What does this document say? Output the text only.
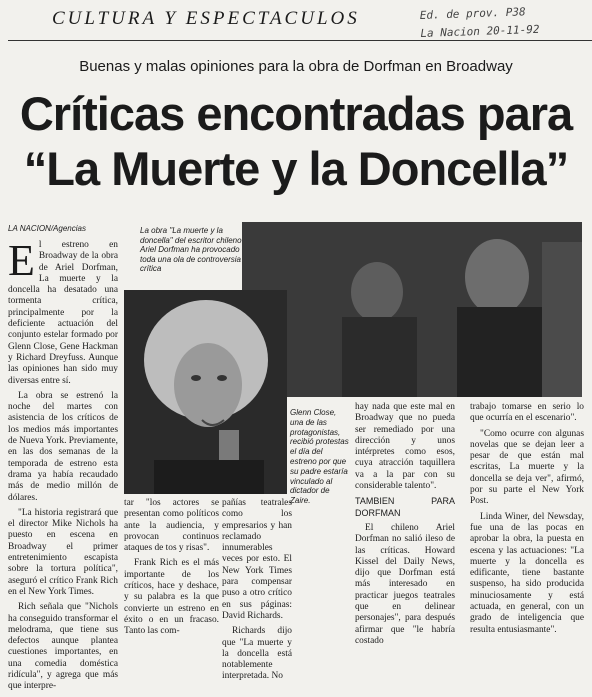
CULTURA Y ESPECTACULOS	Ed. de prov. P38
La Nacion 20-11-92
Buenas y malas opiniones para la obra de Dorfman en Broadway
Críticas encontradas para
“La Muerte y la Doncella”
LA NACION/Agencias
E l estreno en Broadway de la obra de Ariel Dorfman, La muerte y la doncella ha desatado una tormenta crítica, principalmente por la deficiente actuación del conjunto estelar formado por Glenn Close, Gene Hackman y Richard Dreyfuss. Aunque las opiniones han sido muy diversas entre sí.

La obra se estrenó la noche del martes con asistencia de los críticos de los medios más importantes de Nueva York. Previamente, en las dos semanas de la temporada de estreno esta drama ya había recaudado más de medio millón de dólares.

"La historia registrará que el director Mike Nichols ha puesto en escena en Broadway el primer entretenimiento escapista sobre la tortura política", aseguró el crítico Frank Rich en el New York Times.

Rich señala que "Nichols ha conseguido transformar el melodrama, que tiene sus defectos aunque plantea cuestiones importantes, en una comedia doméstica ridícula", y agrega que más que interpre-

La obra "La muerte y la doncella" del escritor chileno Ariel Dorfman ha provocado toda una ola de controversia crítica
Glenn Close, una de las protagonistas, recibió protestas el día del estreno por que su padre estaría vinculado al dictador de Zaire.

tar "los actores se presentan como políticos ante la audiencia, y provocan continuos ataques de tos y risas".

Frank Rich es el más importante de los críticos, hace y deshace, y su palabra es la que convierte un estreno en éxito o en un fracaso. Tanto las com-

pañías teatrales como los empresarios y han reclamado innumerables veces por esto. El New York Times para compensar puso a otro crítico en sus páginas: David Richards.

Richards dijo que "La muerte y la doncella está notablemente interpretada. No

hay nada que este mal en Broadway que no pueda ser remediado por una dirección y unos intérpretes como esos, cuya atracción taquillera va a la par con su considerable talento".

TAMBIEN PARA DORFMAN

El chileno Ariel Dorfman no salió ileso de las críticas. Howard Kissel del Daily News, dijo que Dorfman está más interesado en practicar juegos teatrales que en delinear personajes", para después afirmar que "le habría costado

trabajo tomarse en serio lo que ocurría en el escenario".

"Como ocurre con algunas novelas que se dejan leer a pesar de que están mal escritas, La muerte y la doncella se deja ver", afirmó, por su parte el New York Post.

Linda Winer, del Newsday, fue una de las pocas en aprobar la obra, la puesta en escena y las actuaciones: "La muerte y la doncella es edificante, tiene bastante suspenso, ha sido producida minuciosamente y está actuada, en general, con un grado de inteligencia que resulta entusiasmante".
